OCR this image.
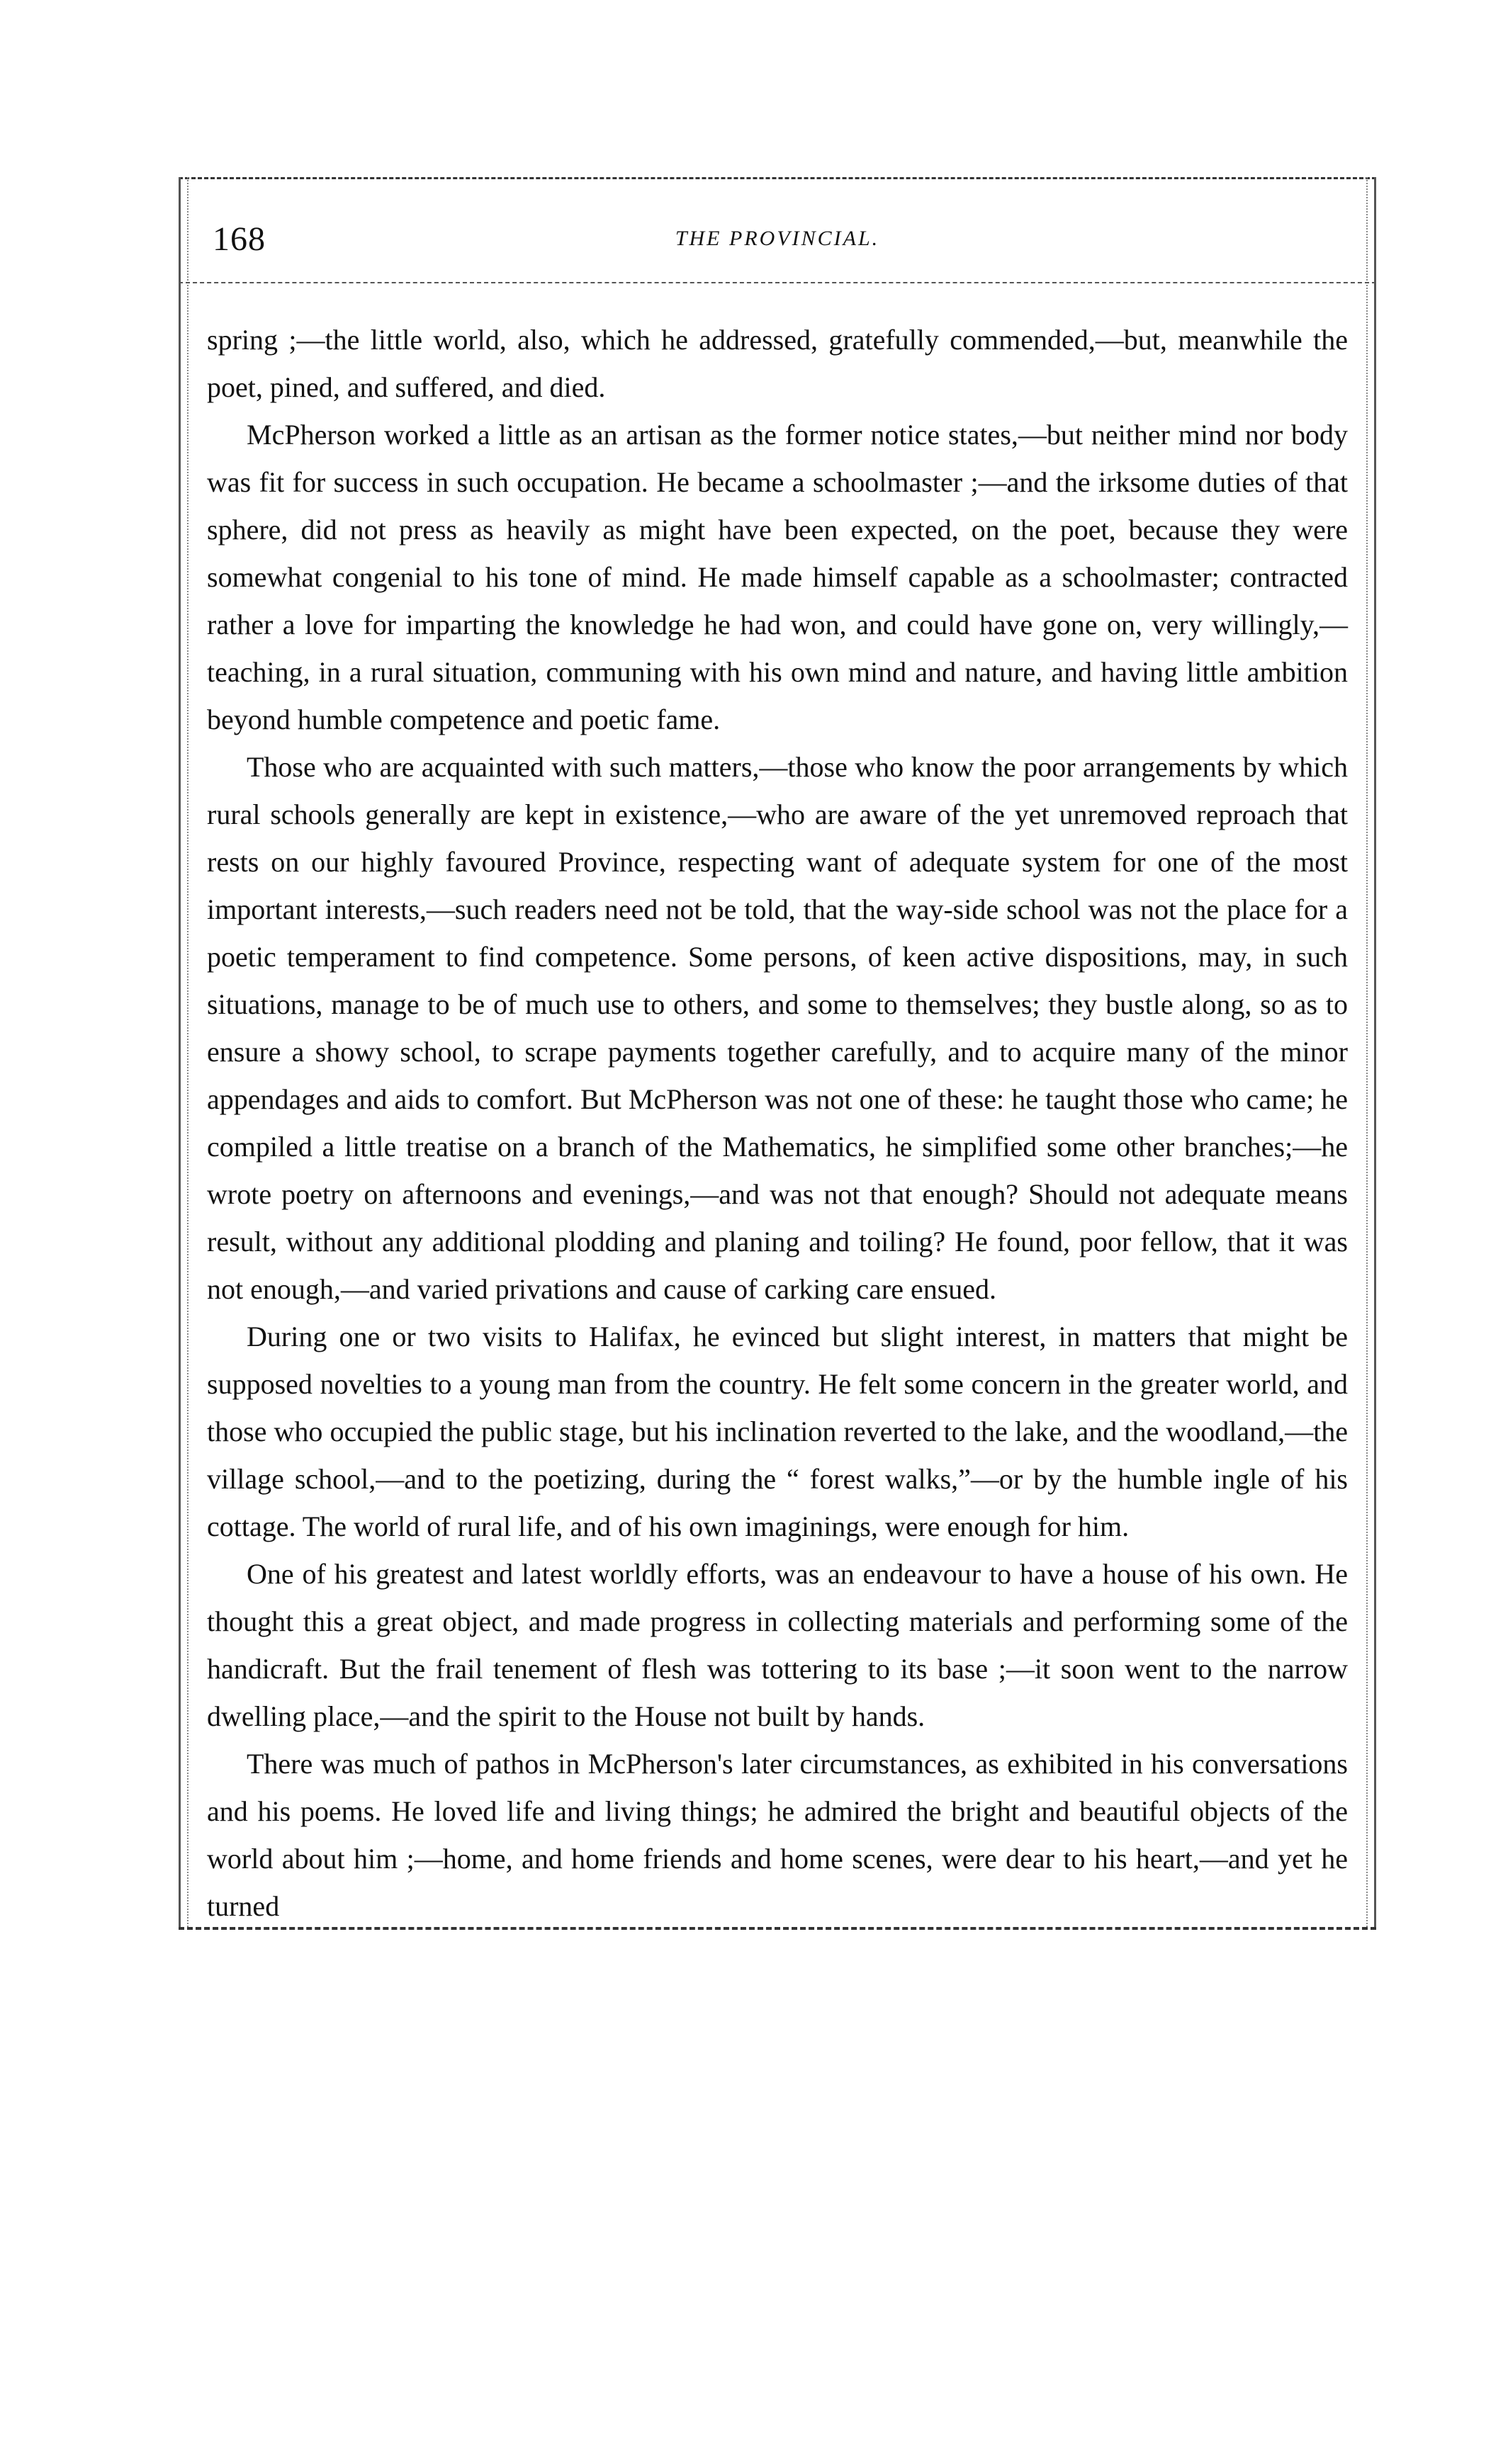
168	THE PROVINCIAL.

spring ;—the little world, also, which he addressed, gratefully commended,—but, meanwhile the poet, pined, and suffered, and died.

McPherson worked a little as an artisan as the former notice states,—but neither mind nor body was fit for success in such occupation. He became a schoolmaster ;—and the irksome duties of that sphere, did not press as heavily as might have been expected, on the poet, because they were somewhat congenial to his tone of mind. He made himself capable as a schoolmaster; contracted rather a love for imparting the knowledge he had won, and could have gone on, very willingly,—teaching, in a rural situation, communing with his own mind and nature, and having little ambition beyond humble competence and poetic fame.

Those who are acquainted with such matters,—those who know the poor arrangements by which rural schools generally are kept in existence,—who are aware of the yet unremoved reproach that rests on our highly favoured Province, respecting want of adequate system for one of the most important interests,—such readers need not be told, that the way-side school was not the place for a poetic temperament to find competence. Some persons, of keen active dispositions, may, in such situations, manage to be of much use to others, and some to themselves; they bustle along, so as to ensure a showy school, to scrape payments together carefully, and to acquire many of the minor appendages and aids to comfort. But McPherson was not one of these: he taught those who came; he compiled a little treatise on a branch of the Mathematics, he simplified some other branches;—he wrote poetry on afternoons and evenings,—and was not that enough? Should not adequate means result, without any additional plodding and planing and toiling? He found, poor fellow, that it was not enough,—and varied privations and cause of carking care ensued.

During one or two visits to Halifax, he evinced but slight interest, in matters that might be supposed novelties to a young man from the country. He felt some concern in the greater world, and those who occupied the public stage, but his inclination reverted to the lake, and the woodland,—the village school,—and to the poetizing, during the “ forest walks,”—or by the humble ingle of his cottage. The world of rural life, and of his own imaginings, were enough for him.

One of his greatest and latest worldly efforts, was an endeavour to have a house of his own. He thought this a great object, and made progress in collecting materials and performing some of the handicraft. But the frail tenement of flesh was tottering to its base ;—it soon went to the narrow dwelling place,—and the spirit to the House not built by hands.

There was much of pathos in McPherson's later circumstances, as exhibited in his conversations and his poems. He loved life and living things; he admired the bright and beautiful objects of the world about him ;—home, and home friends and home scenes, were dear to his heart,—and yet he turned
